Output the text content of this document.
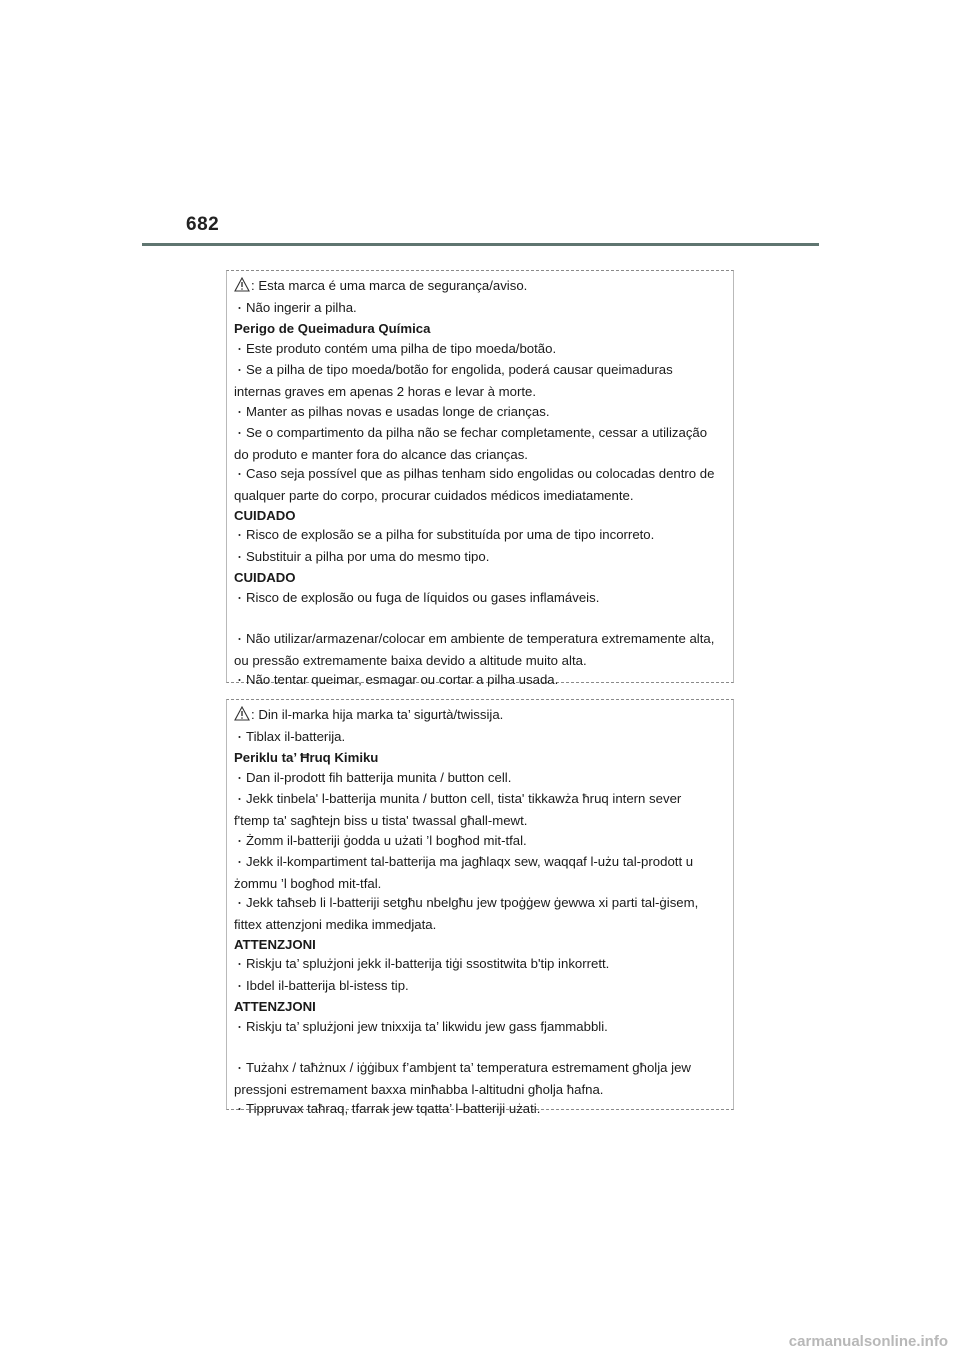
682

: Esta marca é uma marca de segurança/aviso.

・ Não ingerir a pilha.

Perigo de Queimadura Química

・ Este produto contém uma pilha de tipo moeda/botão.

・ Se a pilha de tipo moeda/botão for engolida, poderá causar queimaduras

internas graves em apenas 2 horas e levar à morte.

・ Manter as pilhas novas e usadas longe de crianças.

・ Se o compartimento da pilha não se fechar completamente, cessar a utilização

do produto e manter fora do alcance das crianças.

・ Caso seja possível que as pilhas tenham sido engolidas ou colocadas dentro de

qualquer parte do corpo, procurar cuidados médicos imediatamente.

CUIDADO

・ Risco de explosão se a pilha for substituída por uma de tipo incorreto.

・ Substituir a pilha por uma do mesmo tipo.

CUIDADO

・ Risco de explosão ou fuga de líquidos ou gases inflamáveis.

・ Não utilizar/armazenar/colocar em ambiente de temperatura extremamente alta,

ou pressão extremamente baixa devido a altitude muito alta.

・ Não tentar queimar, esmagar ou cortar a pilha usada.

: Din il-marka hija marka ta’ sigurtà/twissija.

・ Tiblax il-batterija.

Periklu ta’ Ħruq Kimiku

・ Dan il-prodott fih batterija munita / button cell.

・ Jekk tinbela' l-batterija munita / button cell, tista' tikkawża ħruq intern sever

f'temp ta' sagħtejn biss u tista' twassal għall-mewt.

・ Żomm il-batteriji ġodda u użati ’l bogħod mit-tfal.

・ Jekk il-kompartiment tal-batterija ma jagħlaqx sew, waqqaf l-użu tal-prodott u

żommu ’l bogħod mit-tfal.

・ Jekk taħseb li l-batteriji setgħu nbelgħu jew tpoġġew ġewwa xi parti tal-ġisem,

fittex attenzjoni medika immedjata.

ATTENZJONI

・ Riskju ta’ splużjoni jekk il-batterija tiġi ssostitwita b'tip inkorrett.

・ Ibdel il-batterija bl-istess tip.

ATTENZJONI

・ Riskju ta’ splużjoni jew tnixxija ta’ likwidu jew gass fjammabbli.

・ Tużahx / taħżnux / iġġibux f’ambjent ta’ temperatura estremament għolja jew

pressjoni estremament baxxa minħabba l-altitudni għolja ħafna.

・ Tippruvax taħraq, tfarrak jew tqatta’ l-batteriji użati.

carmanualsonline.info
